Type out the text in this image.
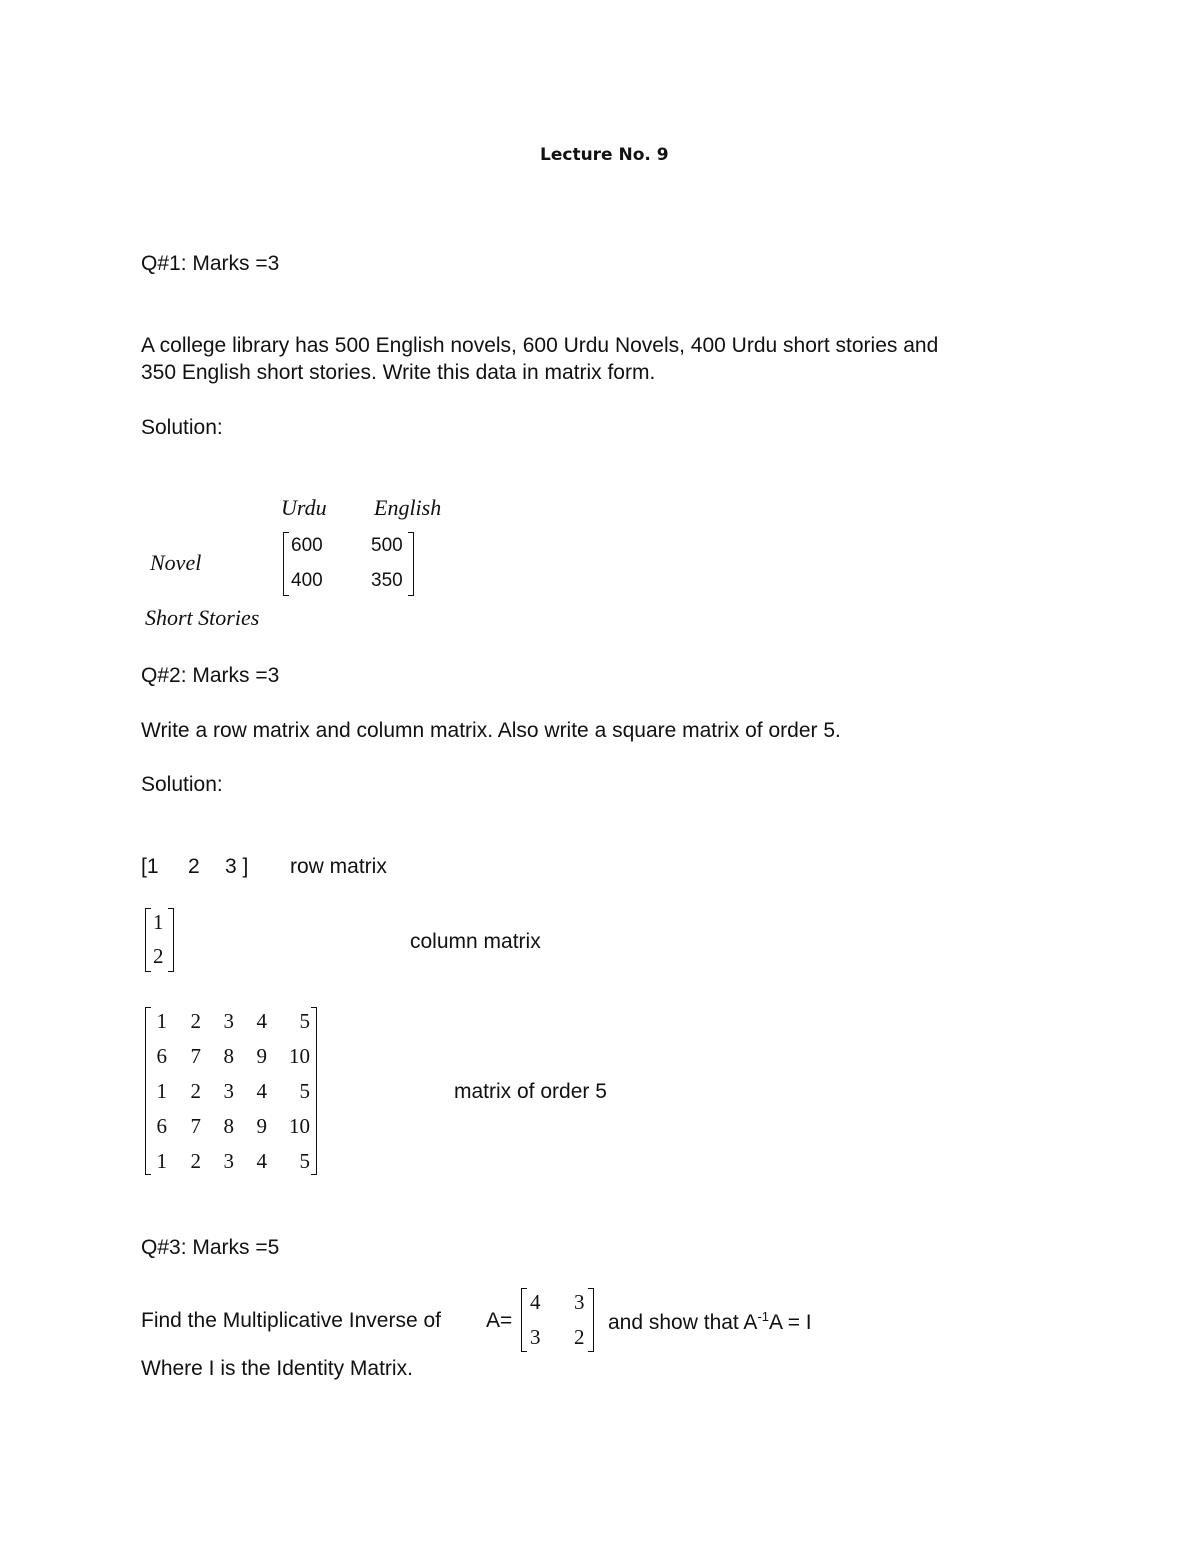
Lecture No. 9
Q#1: Marks =3
A college library has 500 English novels, 600 Urdu Novels, 400 Urdu short stories and
350 English short stories. Write this data in matrix form.
Solution:
Urdu English
Novel
Short Stories
600	500
400	350
Q#2: Marks =3
Write a row matrix and column matrix. Also write a square matrix of order 5.
Solution:
[1 2 3 ] row matrix
1
2
column matrix
1 2 3 4 5
6 7 8 9 10
1 2 3 4 5
6 7 8 9 10
1 2 3 4 5
matrix of order 5
Q#3: Marks =5
Find the Multiplicative Inverse of A=
4 3
3 2
and show that $A^{-1}A = I$
Where I is the Identity Matrix.
